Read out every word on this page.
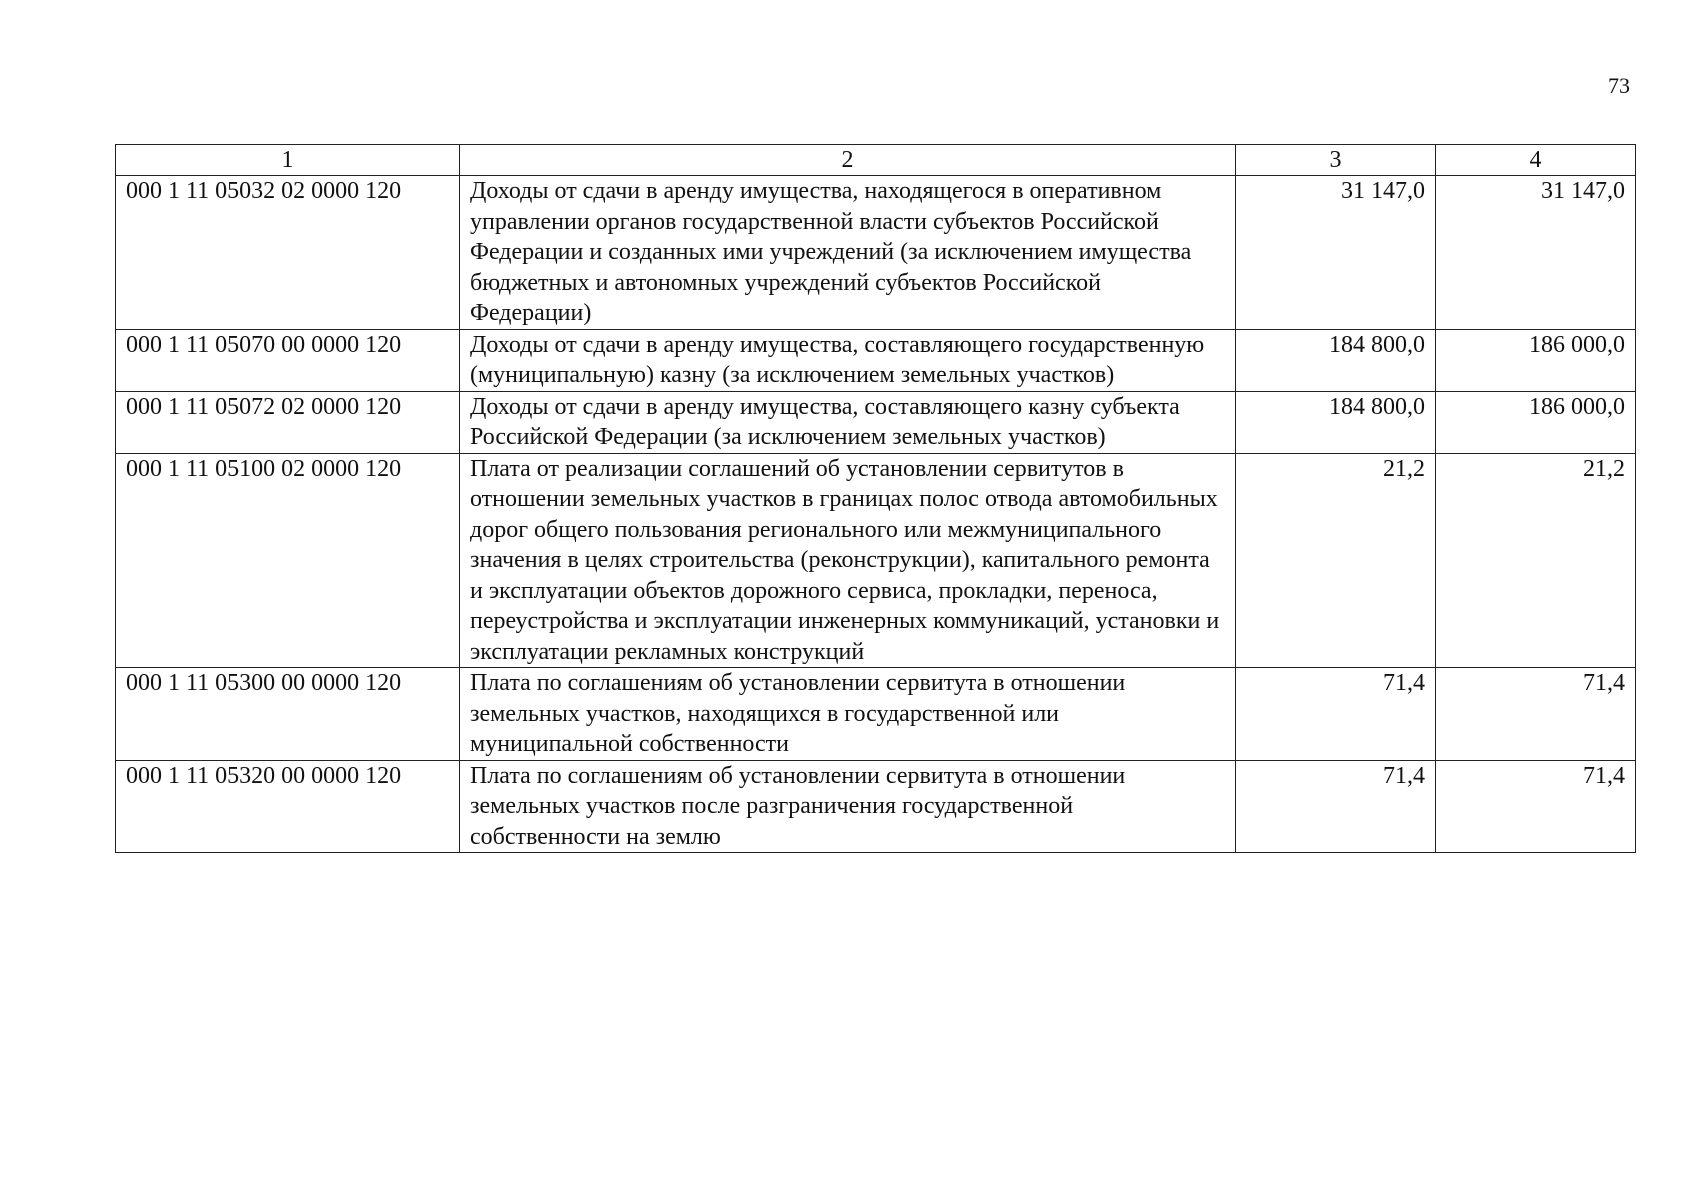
73
1	2	3	4
000 1 11 05032 02 0000 120	Доходы от сдачи в аренду имущества, находящегося в оперативном управлении органов государственной власти субъектов Российской Федерации и созданных ими учреждений (за исключением имущества бюджетных и автономных учреждений субъектов Российской Федерации)	31 147,0	31 147,0
000 1 11 05070 00 0000 120	Доходы от сдачи в аренду имущества, составляющего государственную (муниципальную) казну (за исключением земельных участков)	184 800,0	186 000,0
000 1 11 05072 02 0000 120	Доходы от сдачи в аренду имущества, составляющего казну субъекта Российской Федерации (за исключением земельных участков)	184 800,0	186 000,0
000 1 11 05100 02 0000 120	Плата от реализации соглашений об установлении сервитутов в отношении земельных участков в границах полос отвода автомобильных дорог общего пользования регионального или межмуниципального значения в целях строительства (реконструкции), капитального ремонта и эксплуатации объектов дорожного сервиса, прокладки, переноса, переустройства и эксплуатации инженерных коммуникаций, установки и эксплуатации рекламных конструкций	21,2	21,2
000 1 11 05300 00 0000 120	Плата по соглашениям об установлении сервитута в отношении земельных участков, находящихся в государственной или муниципальной собственности	71,4	71,4
000 1 11 05320 00 0000 120	Плата по соглашениям об установлении сервитута в отношении земельных участков после разграничения государственной собственности на землю	71,4	71,4
